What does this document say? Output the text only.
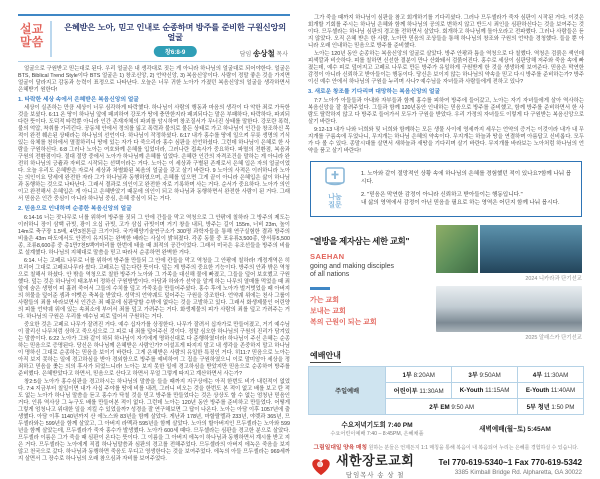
설교
말씀
은혜받은 노아, 믿고 인내로 순종하며 방주를 준비한 구원신앙의 얼굴
창6:8-9	담임 송상철 목사

얼굴으로 구원받고 믿는대로 된다. 우리 얼굴은 내 생각대로 짓는 게 아니라 하나님의 얼굴대로 되어야한다. 얼굴은 BTS, Biblical Trend Style이다 BTS 얼굴은 1) 창조신앙, 2) 언약신앙, 3) 복음신앙이다. 사람이 정말 좋은 것을 가지면 얼굴이 달라지고 감동과 능력이 표정으로 나타난다. 오늘은 너무 귀한 노아가 가졌던 복음신앙의 얼굴을 생각하면서 은혜받기 원한다!

1. 타락한 세상 속에서 은혜받은 복음신앙의 얼굴

세상이 실존하는 만큼 세상이 너무 심각하게 타락했다. 하나님이 사람의 행동과 마음의 생각이 다 악한 죄로 가득한 것을 보셨다. 6:11 온 땅이 하나님 앞에 패괴하여 강포가 땅에 충만한지라 패괴되다는 말은 부패하다, 타락하다, 파괴되다란 뜻이다. 도덕적 타락뿐 아니라 인간 존재자체의 파괴를 암시하며 창조질서가 무너진 상태를 말한다. 강포란 폭력, 불의 억압, 착취를 가리킨다. 공동체 안에서 정의를 잃고 폭력과 불의로 물든 상태로 가고 하나님이 인간을 창조하신 목적이 완전 훼손된 상태라는 하나님의 선언이다. 하나님이 작정하셨다. 6:17 내가 홍수를 땅에 일으켜 무릇 생명의 기식있는 육체를 천하에서 멸절하리니 땅에 있는 자가 다 죽으리라 홍수 심판을 선언하셨다. 그런데 하나님이 은혜로 한 사람을 구원하신다. 6:8 그러나 노아는 여호와께 은혜를 입었더라, 그러나란 접속사가 중요하다. 파멸의 전환점, 복음과 구원의 전환점이다. 절대 절망 중에서 노아가 하나님께 은혜를 입었다. 은혜란 인간의 자격조건을 말하는 게 아니라 완전히 하나님의 긍휼과 자비로 시작되는 선택이라는 거다. 노아는 이 세상과 구별된 존재로서 은혜 입은 자의 얼굴이었다. 오늘 우리도 은혜받은 자로서 세상과 차별화된 복음의 얼굴을 갖고 살기 바란다. 9 노아의 사적은 이러하니라 노아는 의인이요 당세에 완전한 자라 그가 하나님과 동행하였으며, 은혜를 입으면 그게 끝이 아니라 은혜입은 삶이 하나님과 동행하는 것으로 나타난다. 그래서 결과로 의인이고 완전한 자로 기록하며 사는 거다. 순서가 중요하다. 노아가 의인이고 완전해서 은혜입은 게 아니고 은혜받았기 때문에 의인이 되고 하나님과 동행하면서 완전한 사람이 된 거다. 그래서 믿음은 인간 중심이 아니라 하나님 중심, 은혜 중심이 되는 거다.

2. 믿음으로 인내하며 순종한 복음신앙의 얼굴

6:14-16 너는 잣나무로 너를 위하여 방주를 짓되 그 안에 간들을 막고 역청으로 그 안팎에 칠하라 그 방주의 제도는 이러하니 장이 삼백 규빗, 광이 오십 규빗, 고가 삼십 규빗이며 거기 창을 내되, 방주는 길이 155m, 너비 23m, 높이 14m로 축구장 1.5배, 4만3천톤급 크기이다. 국가해양기술연구소가 300명 과학자들을 통해 연구실험한 결과 방주의 비율은 43m 파도에서도 안전이 유지되는 완벽한 배라는 사실이 밝혀졌다. 각종 동물 중 포유류3,500종, 양서류5,500종, 조류8,600종 중 총1만7천5백여마리를 한번에 태울 때 최적의 공간이었다. 그래서 미국은 유조선들을 방주의 비율로 설계했다. 하나님의 지혜대로 말씀을 믿고 따라서 순종하면 완벽한 거다.

6:14. 너는 고페르 나무로 너를 위하여 방주를 만들되 그 안에 칸들을 막고 역청을 그 안팎에 칠하라! 개정개역은 히브리어 그대로 고페르나무라 썼다. 고페르는 덮는다란 뜻이다. 덮는 게 방주의 중요한 기능이다. 방주의 안과 밖은 역청으로 칠해서 하셨다. 안 밖을 역청으로 칠한 방주가 노아와 그 가족을 대신해 물에 빠졌고, 그들을 덮어 보호했고 구원했다. 덮는 것은 하나님이 태초부터 정하신 구원방법이다. 아담과 하와가 선악을 알게 하는 나무의 열매를 먹었을 때 죄 앞에 숨은 생명이 피 흘려 죽어서 그들의 수치를 덮고 가죽옷을 만들어주셨다. 홍수 후에 노아가 벌거벗었을 때 아버지의 허물을 덮어준 셈과 야벳은 축복을 받았다. 성막의 언약궤도 덮어주는 구원을 강조한다. 언약궤 위에는 천사 그룹이 사람들의 죄를 바라보면서 인간은 죄 때문에 심판당할 수밖에 없다는 것을 고발하고 있다. 그래서 화생제물인 어린양의 피를 언약궤 위에 있는 속죄소에 부어서 죄를 덮고 가려주는 거다. 화생제물의 피가 사람의 죄를 덮고 가려주는 거다. 하나님의 구원은 우리를 예수님 피로 덮어서 구원하는 거다.

중요한 것은 고페르 나무가 잘려진 거다. 예수 십자가를 상징한다. 나무가 잘려서 십자가로 만들어졌고, 거기 예수님이 잘리신 나무처럼 상하고 죽으심으로 그 피로 내 죄를 덮어주신 것이다. 정말 심오한 하나님의 구원의 진리가 담겨있는 말씀이다. 6:22 노아가 그와 같이 하되 하나님이 자기에게 명하신대로 다 준행하였더라! 하나님이 주신 은혜는 순종하는 믿음으로 증명된다. 당신은 하나님께 은혜받은 사람인가? 어설프게 따지지 말고 내 생각을 존중하지 말고 하나님이 명하신 그대로 순종하는 믿음을 보이기 바란다. 그게 은혜받은 사람의 유일한 특징인 거다. 히11:7 믿음으로 노아는 아직 보지 못하는 일에 경고하심을 받아 경외함으로 방주를 예비하여 그 집을 구원하였으니 이로 말미암아 세상을 정죄하고 믿음을 좇는 의의 후사가 되었느니라! 노아는 보지 못한 일에 경고하심을 받았지만 믿음으로 순종하여 방주를 준비했다. 은혜받았다고 하면서, 믿음으로 산다고 하면서 무얼 그렇게 따지고 계산하면서 사는가?

창2:5을 노아가 홍수심판을 경고하시는 하나님의 말씀을 들을 때까지 지구상에는 아직 한번도 비가 내린적이 없었다. 7:4 지금부터 칠일이면 내가 사십 주야를 땅에 비를 내려, 그러니 비오는 것을 한번도 본 적이 없고 배를 보고 탄 적도 없는 노아가 하나님 말씀을 듣고 홍수가 닥칠 것을 믿고 방주를 만들었다는 것은 상상도 할 수 없는 엄청난 믿음인 거다. 인류 역사상 그 누구도 배를 만들어본 적이 없다. 그런데 노아는 120년 동안 방주를 준비하고 만들었다. 어떻게 그렇게 엄청나고 위대한 일을 지킬 수 있었을까? 성경을 잘 연구해보면 그 답이 나온다. 노아는 아담 이후 1057년에 출생했다. 아담 이후 1140년까지 산 에노스와 83년을 함께 살았다. 게난과 178년, 마할랄렐과 233년, 야렛과 365년, 므두셀라와는 599년을 함께 살았고, 그 아버지 라멕과 595년을 함께 살았다. 노아의 할아버지인 므두셀라는 노아와 599년을 함께 살았는데, 므두셀라가 죽자 홍수가 발생했다. 노아가 600세 때다. 므두셀라는 심판을 경고한 분으로 살았다. 므두셀라 이름은 그가 죽을 때 심판이 온다는 뜻이다. 그 이름을 그 아버지 에녹이 하나님과 동행하면서 계시를 받고 지은 거다. 므두셀라는 노아에게 직접 하나님말씀과 심판의 경고를 전해주었다. 므두셀라의 아버지 에녹은 죽음을 보지 않고 천국으로 갔다. 하나님과 동행하면 죽음도 무디고 영생한다는 것을 보여주었다. 에녹의 아들 므두셀라는 969세까지 살면서 그 장수로 하나님의 오래 참으심과 자비를 보여주었다.

그가 죽을 때까지 하나님이 심판을 참고 회개하기를 기다리셨다. 그러나 므두셀라가 죽자 심판이 시작된 거다. 이것은 회개할 기회를 주시는 하나님 은혜와 함께 하나님의 공의로 변하지 않고 반드시 죄인을 심판하신다는 것을 보여주는 것이다. 므두셀라는 하나님 심판의 경고를 전하면서 살았다. 회개하고 하나님께 돌아오라고 전파했다. 그러나 사람들은 듣지 않았다. 오직 은혜 받은 한 사람, 노아만 믿음의 조상들을 통해 하나님의 창조와 구원의 언약을 경청했다. 들을 뿐 아니라 오래 인내하는 믿음으로 방주를 준비했다.

노아는 120년 동안 순종하는 복음신앙의 얼굴로 살았다. 방주 안팎과 틈을 역청으로 다 칠했다. 역청은 검붉은 색인데 피색깔과 비슷하다. 피를 칠하면 신선한 결분이 만나 산화돼서 검붉어진다. 홍수로 세상이 심판당해 저주와 죽음 속에 빠졌는데, 예수 피로 덮어지고 고페르 나무로 만든 방주가 유일하게 구원받게 한 것을 생생하게 보여준다. 믿음은 막연한 감정이 아니라 신뢰하고 받아들이는 행동이다. 당신은 보이지 않는 하나님의 약속을 믿고 다시 방주를 준비하는가? 방주이신 예수 안에서 하나님의 구원을 누리며 사나? 예수님을 자녀들과 사람들에게 전하고 있나?

3. 새로운 창조를 기다리며 대망하는 복음신앙의 얼굴

7:7 노아가 아들들과 아내와 자부들과 함께 홍수를 피하여 방주에 들어갔고, 노아는 자기 자녀들에게 살아 역사하는 복음신앙을 잘 물려주었다. 그들과 함께 120년동안 인내하는 믿음으로 방주를 준비했고, 함께 방주를 준비하면서 한 사람도 탈락하지 않고 다 방주로 들어가서 모두가 구원을 받았다. 우리 가정의 자녀들도 이렇게 다 구원받는 복음신앙으로 살기 바란다.

9:12-13 내가 나와 너희와 및 너희와 함께하는 모든 생물 사이에 영세까지 세우는 언약의 증거는 이것이라 내가 내 무지개를 구름속에 두었나니, 무지개는 하나님 은혜의 약속이다. 무지개는 하늘과 땅을 연결하며 아름답고 신비롭다. 모두가 다 볼 수 있다. 종말시대를 살면서 새하늘과 새땅을 기다리며 살기 바란다. 무지개를 바라보는 노아처럼 하나님의 언약을 품고 살기 바란다!

나눔
질문
1. 노아와 같이 절망적인 상황 속에 하나님의 은혜를 경험했던 적이 있나요?함께 나눠 봅시다.
2. "믿음은 막연한 감정이 아니라 신뢰하고 받아들이는 행동입니다."
내 삶의 영역에서 감정이 아닌 믿음을 필요로 하는 영역은 어딘지 함께 나눠 봅시다.
"열방을 제자삼는 세한 교회"
SAEHAN
going and making disciples
of all nations
가는 교회
보내는 교회
복의 근원이 되는 교회
2024 니카라과 단기선교
2025 알래스카 단기선교
예배안내
주일예배	1부 8:20AM	3부 9:50AM	4부 11:30AM
	어린이부 11:30AM	K-Youth 11:15AM	E-Youth 11:40AM
	2부 EM 9:50 AM		5부 청년 1:50 PM
수요저녁기도회 7:40 PM
수요어린이예배 7:40 – 8:45PM, 은혜채플
새벽예배(월~토) 5:45AM
그림일대일 양육 매칭 원하는 분들은 언제든지 1:1 매칭을 통해 복음이 내 복음되어 누리는 은혜를 경험하실 수 있습니다.
새한장로교회
담임목사 송 상 철
Tel 770-619-5340~1 Fax 770-619-5342
3385 Kimball Bridge Rd. Alpharetta, GA 30022
